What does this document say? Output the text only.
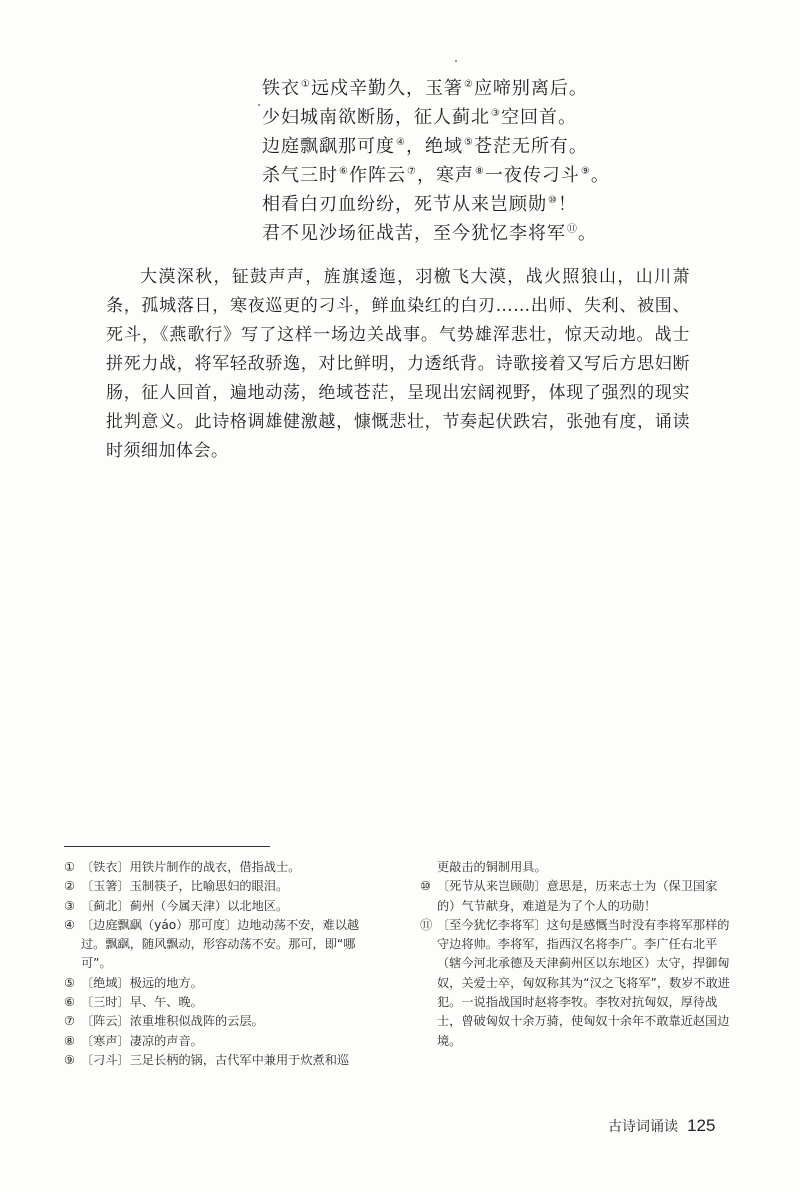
铁衣①远戍辛勤久，玉箸②应啼别离后。
少妇城南欲断肠，征人蓟北③空回首。
边庭飘飖那可度④，绝域⑤苍茫无所有。
杀气三时⑥作阵云⑦，寒声⑧一夜传刁斗⑨。
相看白刃血纷纷，死节从来岂顾勋⑩！
君不见沙场征战苦，至今犹忆李将军⑪。

大漠深秋，钲鼓声声，旌旗逶迤，羽檄飞大漠，战火照狼山，山川萧条，孤城落日，寒夜巡更的刁斗，鲜血染红的白刃……出师、失利、被围、死斗，《燕歌行》写了这样一场边关战事。气势雄浑悲壮，惊天动地。战士拼死力战，将军轻敌骄逸，对比鲜明，力透纸背。诗歌接着又写后方思妇断肠，征人回首，遍地动荡，绝域苍茫，呈现出宏阔视野，体现了强烈的现实批判意义。此诗格调雄健激越，慷慨悲壮，节奏起伏跌宕，张弛有度，诵读时须细加体会。

① 〔铁衣〕用铁片制作的战衣，借指战士。
② 〔玉箸〕玉制筷子，比喻思妇的眼泪。
③ 〔蓟北〕蓟州（今属天津）以北地区。
④ 〔边庭飘飖（yáo）那可度〕边地动荡不安，难以越过。飘飖，随风飘动，形容动荡不安。那可，即“哪可”。
⑤ 〔绝域〕极远的地方。
⑥ 〔三时〕早、午、晚。
⑦ 〔阵云〕浓重堆积似战阵的云层。
⑧ 〔寒声〕凄凉的声音。
⑨ 〔刁斗〕三足长柄的锅，古代军中兼用于炊煮和巡
更敲击的铜制用具。
⑩ 〔死节从来岂顾勋〕意思是，历来志士为（保卫国家的）气节献身，难道是为了个人的功勋！
⑪ 〔至今犹忆李将军〕这句是感慨当时没有李将军那样的守边将帅。李将军，指西汉名将李广。李广任右北平（辖今河北承德及天津蓟州区以东地区）太守，捍御匈奴，关爱士卒，匈奴称其为“汉之飞将军”，数岁不敢进犯。一说指战国时赵将李牧。李牧对抗匈奴，厚待战士，曾破匈奴十余万骑，使匈奴十余年不敢靠近赵国边境。
古诗词诵读 125
